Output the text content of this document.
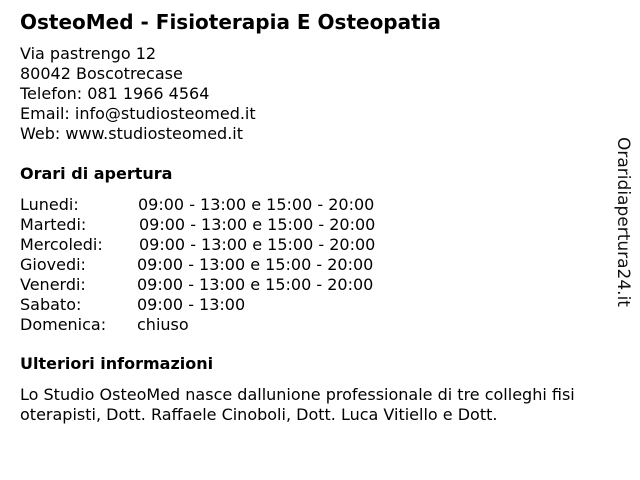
OsteoMed - Fisioterapia E Osteopatia
Via pastrengo 12
80042 Boscotrecase
Telefon: 081 1966 4564
Email: info@studiosteomed.it
Web: www.studiosteomed.it
Orari di apertura
Lunedi:	09:00 - 13:00 e 15:00 - 20:00
Martedi:	09:00 - 13:00 e 15:00 - 20:00
Mercoledi: 09:00 - 13:00 e 15:00 - 20:00
Giovedi:	09:00 - 13:00 e 15:00 - 20:00
Venerdi:	09:00 - 13:00 e 15:00 - 20:00
Sabato:	09:00 - 13:00
Domenica: chiuso
Ulteriori informazioni
Lo Studio OsteoMed nasce dallunione professionale di tre colleghi fisi
oterapisti, Dott. Raffaele Cinoboli, Dott. Luca Vitiello e Dott.
Oraridiapertura24.it
